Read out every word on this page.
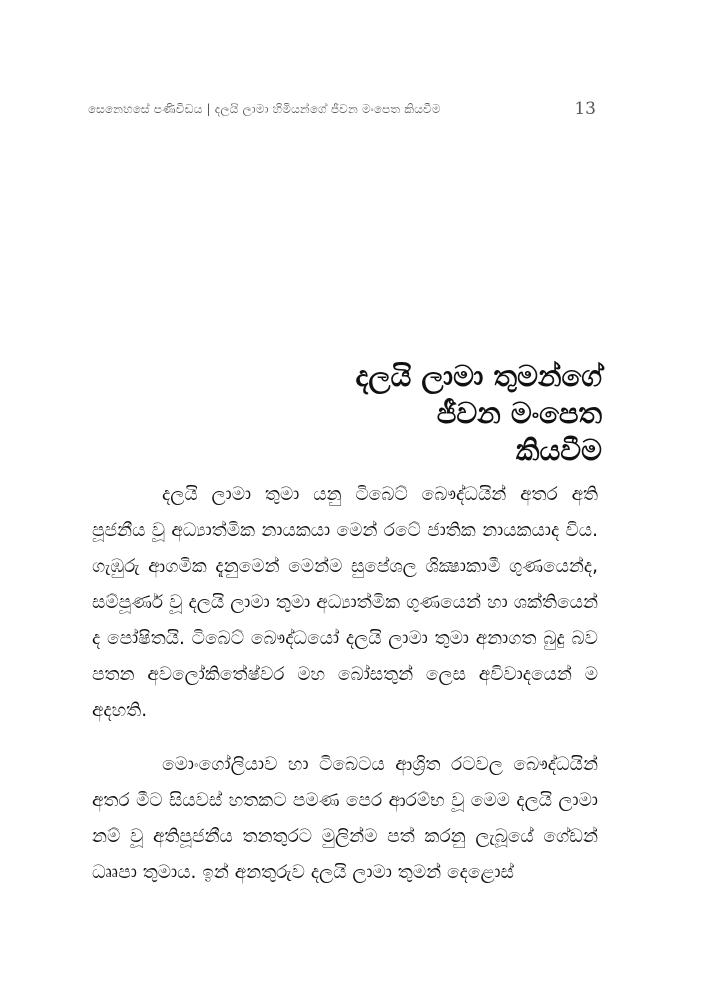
සෙනෙහසේ පණිවිඩය | දලයි ලාමා හිමියන්ගේ ජීවන මංපෙත කියවීම	13
දලයි ලාමා තුමන්ගේ
ජීවන මංපෙත
කියවීම

දලයි ලාමා තුමා යනු ටිබෙට් බෞද්ධයින් අතර අති පූජනීය වූ අධ්‍යාත්මික නායකයා මෙන් රටේ ජාතික නායකයාද විය. ගැඹුරු ආගමික දැනුමෙන් මෙන්ම සුපේශල ශික්‍ෂාකාමී ගුණයෙන්ද, සම්පූර්ණ වූ දලයි ලාමා තුමා අධ්‍යාත්මික ගුණයෙන් හා ශක්තියෙන් ද පෝෂිතයි. ටිබෙට් බෞද්ධයෝ දලයි ලාමා තුමා අනාගත බුදු බව පතන අවලෝකිතේෂ්වර මහ බෝසතුන් ලෙස අවිවාදයෙන් ම අදහති.

මොංගෝලියාව හා ටිබෙටය ආශ්‍රිත රටවල බෞද්ධයින් අතර මීට සියවස් හතකට පමණ පෙර ආරම්භ වූ මෙම දලයි ලාමා නම් වූ අතිපූජනීය තනතුරට මුලින්ම පත් කරනු ලැබූයේ ගේඩන් ධ්‍රූපා තුමාය. ඉන් අනතුරුව දලයි ලාමා තුමන් දෙළොස්
